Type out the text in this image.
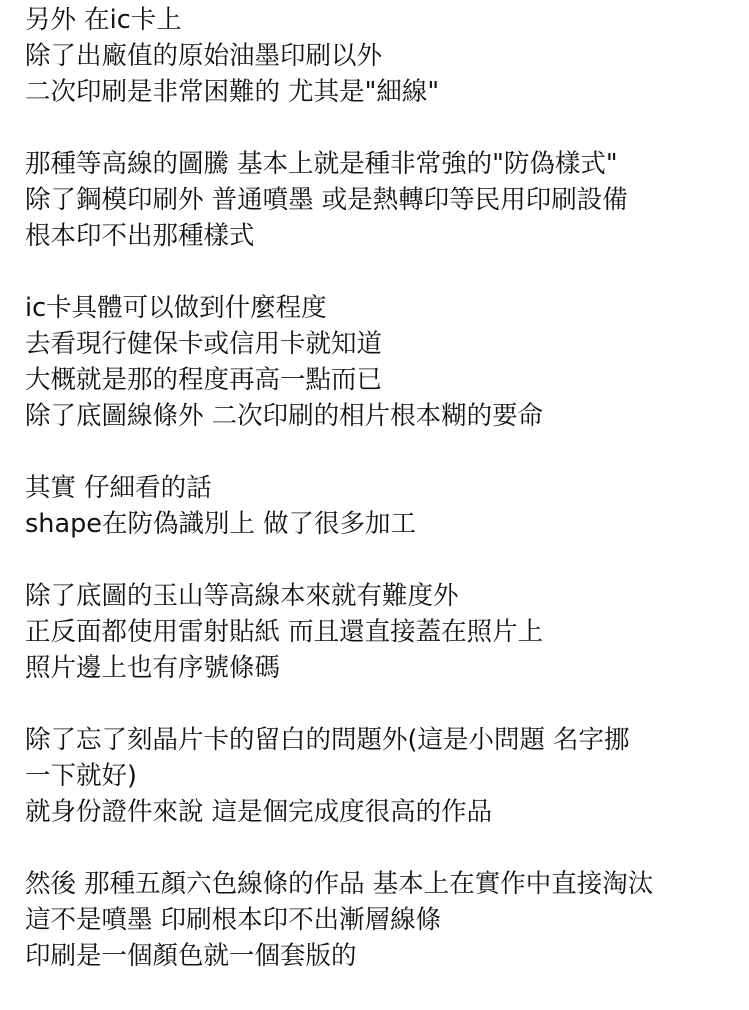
另外 在ic卡上
除了出廠值的原始油墨印刷以外
二次印刷是非常困難的 尤其是"細線"
那種等高線的圖騰 基本上就是種非常強的"防偽樣式"
除了鋼模印刷外 普通噴墨 或是熱轉印等民用印刷設備
根本印不出那種樣式
ic卡具體可以做到什麼程度
去看現行健保卡或信用卡就知道
大概就是那的程度再高一點而已
除了底圖線條外 二次印刷的相片根本糊的要命
其實 仔細看的話
shape在防偽識別上 做了很多加工
除了底圖的玉山等高線本來就有難度外
正反面都使用雷射貼紙 而且還直接蓋在照片上
照片邊上也有序號條碼
除了忘了刻晶片卡的留白的問題外(這是小問題 名字挪
一下就好)
就身份證件來說 這是個完成度很高的作品
然後 那種五顏六色線條的作品 基本上在實作中直接淘汰
這不是噴墨 印刷根本印不出漸層線條
印刷是一個顏色就一個套版的
